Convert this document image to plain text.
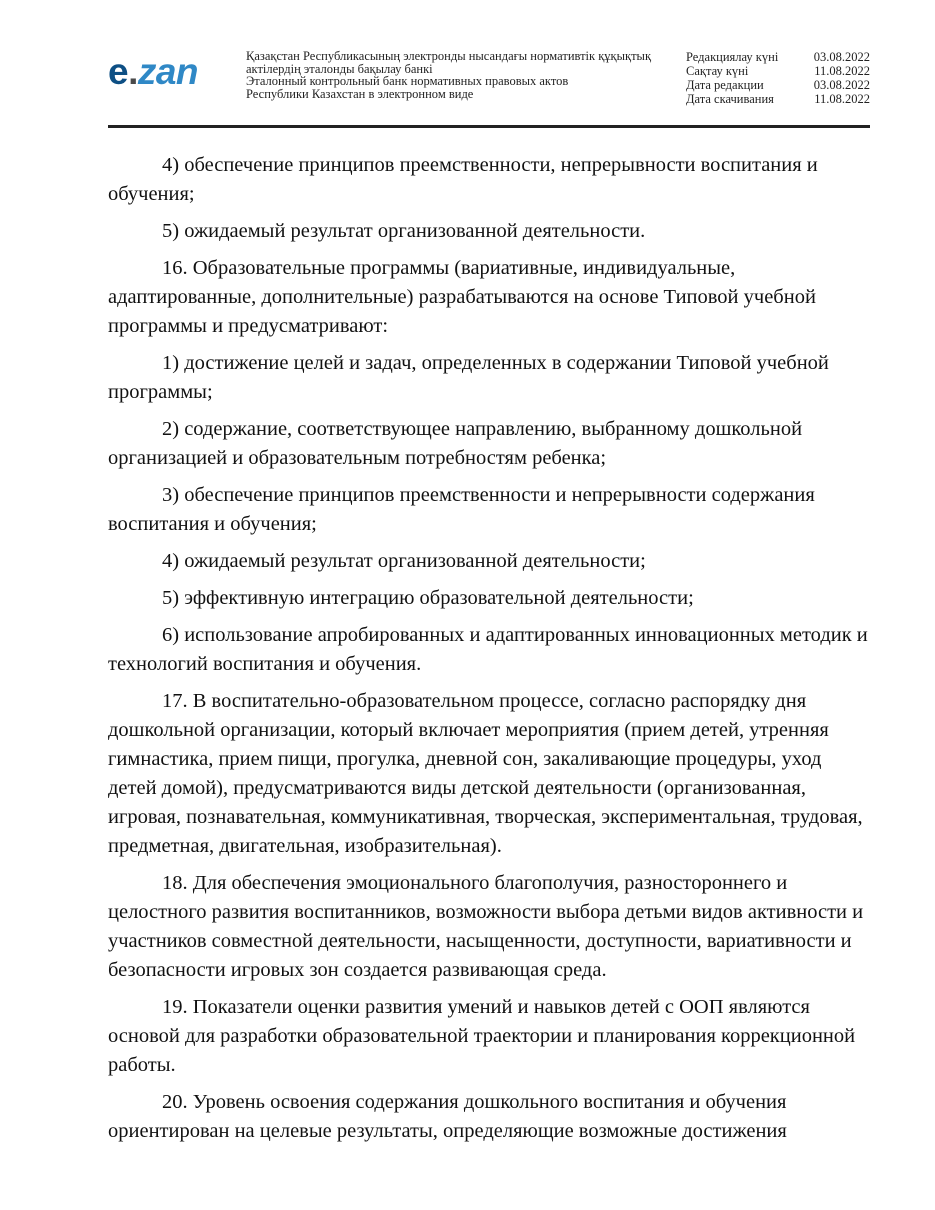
e.zan	Қазақстан Республикасының электронды нысандағы нормативтік құқықтық
актілердің эталонды бақылау банкі
Эталонный контрольный банк нормативных правовых актов
Республики Казахстан в электронном виде
Редакциялау күні	03.08.2022
Сақтау күні	11.08.2022
Дата редакции	03.08.2022
Дата скачивания	11.08.2022

4) обеспечение принципов преемственности, непрерывности воспитания и обучения;

5) ожидаемый результат организованной деятельности.

16. Образовательные программы (вариативные, индивидуальные, адаптированные, дополнительные) разрабатываются на основе Типовой учебной программы и предусматривают:

1) достижение целей и задач, определенных в содержании Типовой учебной программы;

2) содержание, соответствующее направлению, выбранному дошкольной организацией и образовательным потребностям ребенка;

3) обеспечение принципов преемственности и непрерывности содержания воспитания и обучения;

4) ожидаемый результат организованной деятельности;

5) эффективную интеграцию образовательной деятельности;

6) использование апробированных и адаптированных инновационных методик и технологий воспитания и обучения.

17. В воспитательно-образовательном процессе, согласно распорядку дня дошкольной организации, который включает мероприятия (прием детей, утренняя гимнастика, прием пищи, прогулка, дневной сон, закаливающие процедуры, уход детей домой), предусматриваются виды детской деятельности (организованная, игровая, познавательная, коммуникативная, творческая, экспериментальная, трудовая, предметная, двигательная, изобразительная).

18. Для обеспечения эмоционального благополучия, разностороннего и целостного развития воспитанников, возможности выбора детьми видов активности и участников совместной деятельности, насыщенности, доступности, вариативности и безопасности игровых зон создается развивающая среда.

19. Показатели оценки развития умений и навыков детей с ООП являются основой для разработки образовательной траектории и планирования коррекционной работы.

20. Уровень освоения содержания дошкольного воспитания и обучения ориентирован на целевые результаты, определяющие возможные достижения
